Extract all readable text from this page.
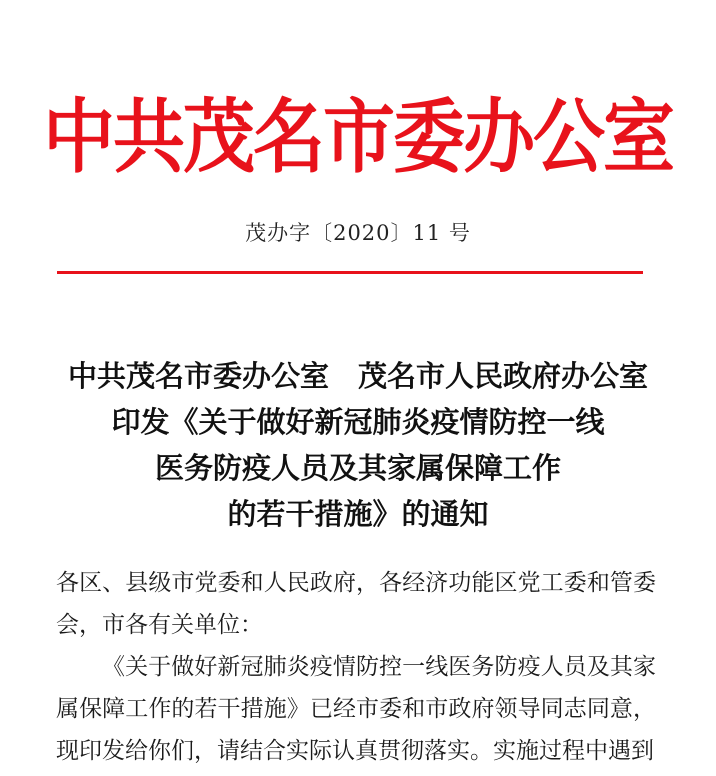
中共茂名市委办公室
茂办字〔2020〕11 号
中共茂名市委办公室　茂名市人民政府办公室
印发《关于做好新冠肺炎疫情防控一线
医务防疫人员及其家属保障工作
的若干措施》的通知

各区、县级市党委和人民政府，各经济功能区党工委和管委会，市各有关单位：

《关于做好新冠肺炎疫情防控一线医务防疫人员及其家属保障工作的若干措施》已经市委和市政府领导同志同意，现印发给你们，请结合实际认真贯彻落实。实施过程中遇到
